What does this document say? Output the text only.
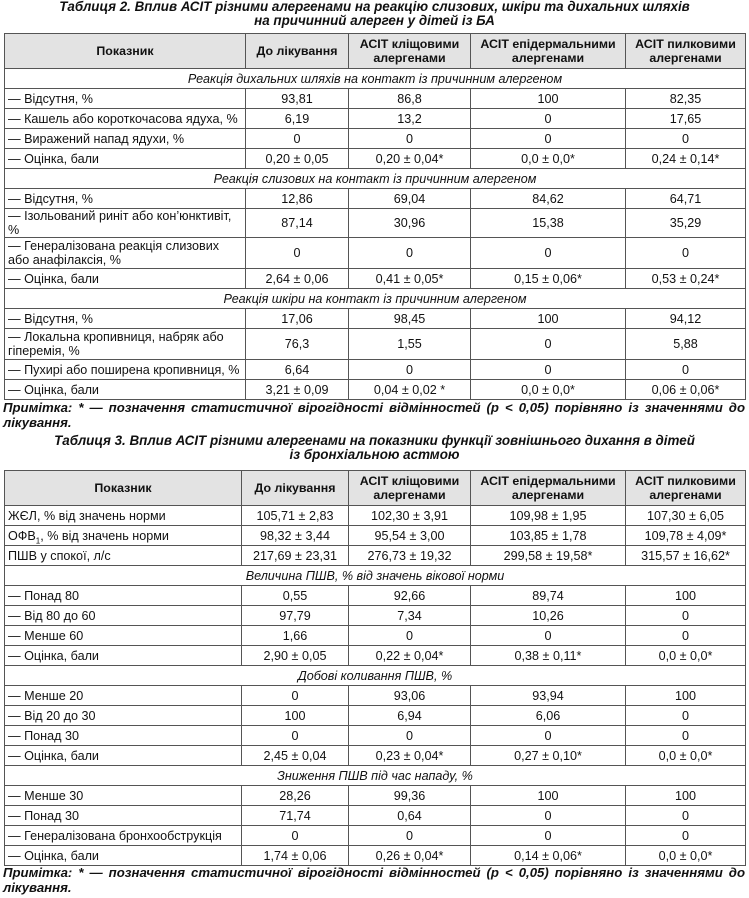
Таблиця 2. Вплив АСІТ різними алергенами на реакцію слизових, шкіри та дихальних шляхів
на причинний алерген у дітей із БА
Показник	До лікування	АСІТ кліщовими алергенами	АСІТ епідермальними алергенами	АСІТ пилковими алергенами
Реакція дихальних шляхів на контакт із причинним алергеном				
— Відсутня, %	93,81	86,8	100	82,35
— Кашель або короткочасова ядуха, %	6,19	13,2	0	17,65
— Виражений напад ядухи, %	0	0	0	0
— Оцінка, бали	0,20 ± 0,05	0,20 ± 0,04*	0,0 ± 0,0*	0,24 ± 0,14*
Реакція слизових на контакт із причинним алергеном				
— Відсутня, %	12,86	69,04	84,62	64,71
— Ізольований риніт або кон’юнктивіт, %	87,14	30,96	15,38	35,29
— Генералізована реакція слизових або анафілаксія, %	0	0	0	0
— Оцінка, бали	2,64 ± 0,06	0,41 ± 0,05*	0,15 ± 0,06*	0,53 ± 0,24*
Реакція шкіри на контакт із причинним алергеном				
— Відсутня, %	17,06	98,45	100	94,12
— Локальна кропивниця, набряк або гіперемія, %	76,3	1,55	0	5,88
— Пухирі або поширена кропивниця, %	6,64	0	0	0
— Оцінка, бали	3,21 ± 0,09	0,04 ± 0,02 *	0,0 ± 0,0*	0,06 ± 0,06*
Примітка: * — позначення статистичної вірогідності відмінностей (p < 0,05) порівняно із значеннями до лікування.
Таблиця 3. Вплив АСІТ різними алергенами на показники функції зовнішнього дихання в дітей
із бронхіальною астмою
Показник	До лікування	АСІТ кліщовими алергенами	АСІТ епідермальними алергенами	АСІТ пилковими алергенами
ЖЄЛ, % від значень норми	105,71 ± 2,83	102,30 ± 3,91	109,98 ± 1,95	107,30 ± 6,05
$ОФВ_1$, % від значень норми	98,32 ± 3,44	95,54 ± 3,00	103,85 ± 1,78	109,78 ± 4,09*
ПШВ у спокої, л/с	217,69 ± 23,31	276,73 ± 19,32	299,58 ± 19,58*	315,57 ± 16,62*
Величина ПШВ, % від значень вікової норми				
— Понад 80	0,55	92,66	89,74	100
— Від 80 до 60	97,79	7,34	10,26	0
— Менше 60	1,66	0	0	0
— Оцінка, бали	2,90 ± 0,05	0,22 ± 0,04*	0,38 ± 0,11*	0,0 ± 0,0*
Добові коливання ПШВ, %				
— Менше 20	0	93,06	93,94	100
— Від 20 до 30	100	6,94	6,06	0
— Понад 30	0	0	0	0
— Оцінка, бали	2,45 ± 0,04	0,23 ± 0,04*	0,27 ± 0,10*	0,0 ± 0,0*
Зниження ПШВ під час нападу, %				
— Менше 30	28,26	99,36	100	100
— Понад 30	71,74	0,64	0	0
— Генералізована бронхообструкція	0	0	0	0
— Оцінка, бали	1,74 ± 0,06	0,26 ± 0,04*	0,14 ± 0,06*	0,0 ± 0,0*
Примітка: * — позначення статистичної вірогідності відмінностей (p < 0,05) порівняно із значеннями до лікування.
